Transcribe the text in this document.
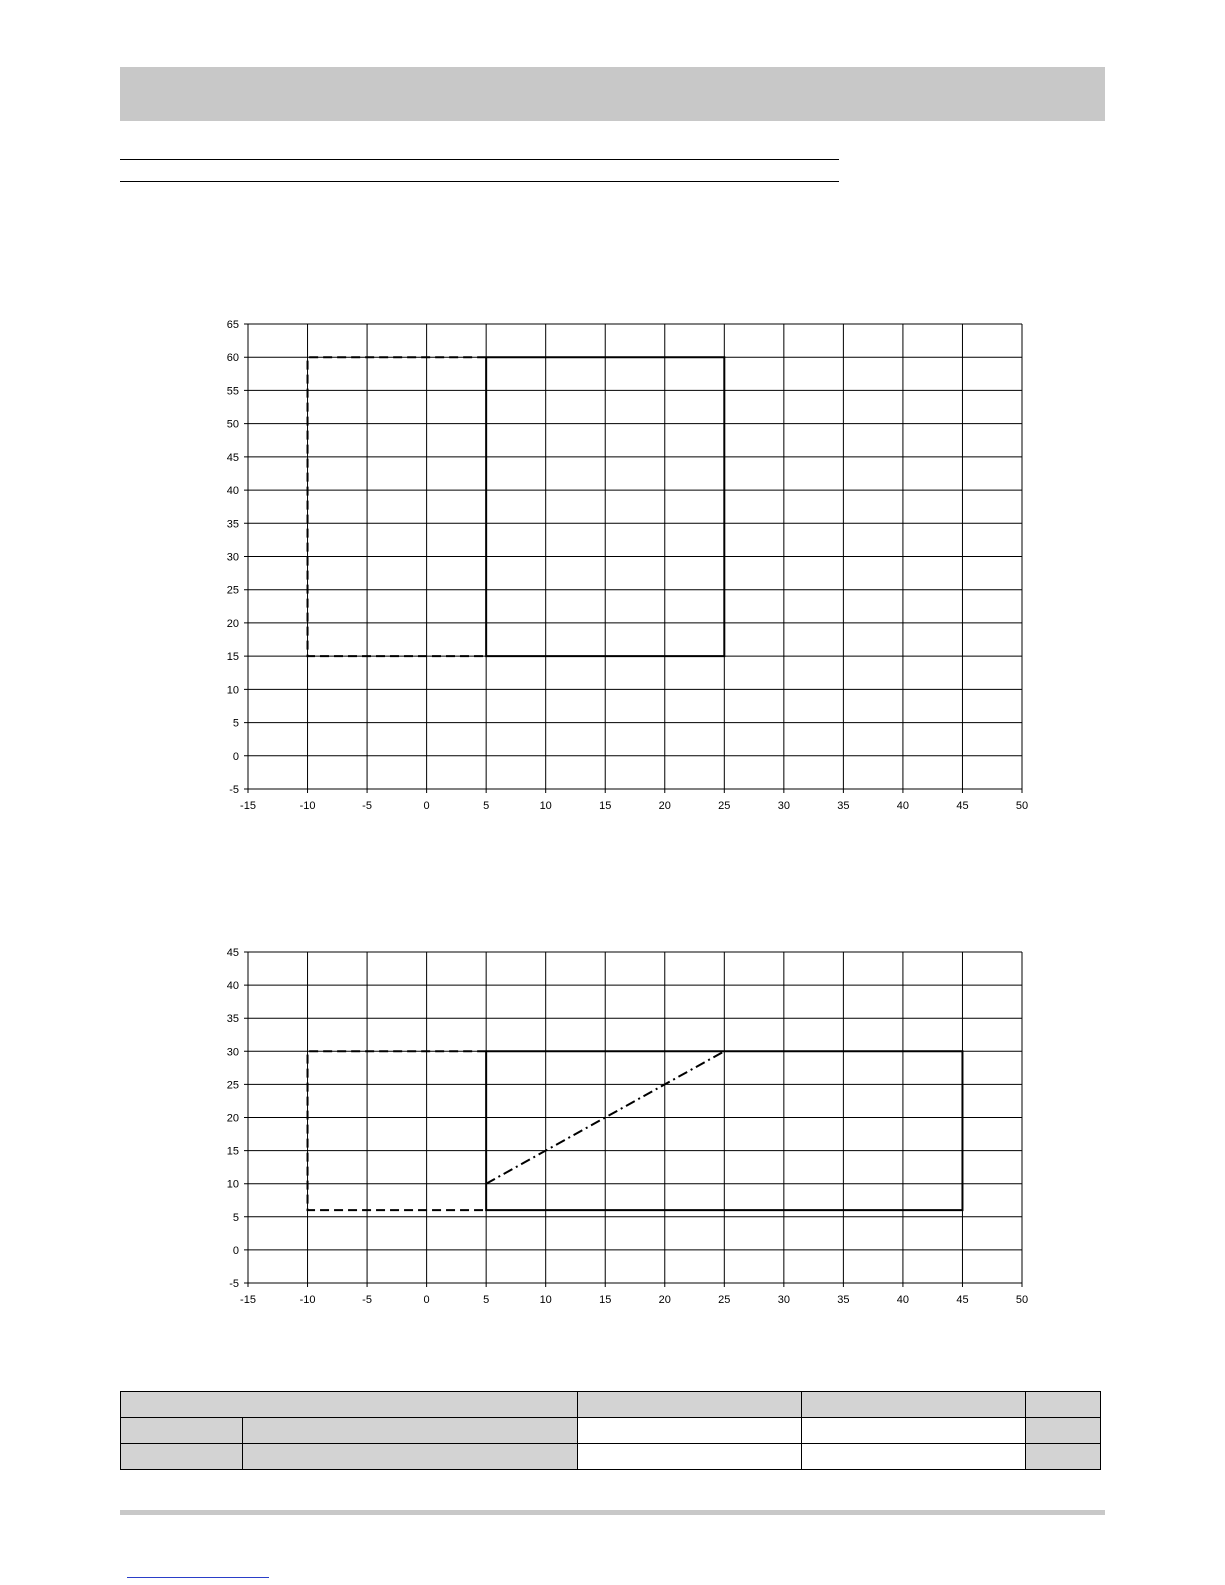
-15	-10	-5	0	5	10	15	20	25	30	35	40	45	50
-5
0
5
10
15
20
25
30
35
40
45
50
55
60
65
-15	-10	-5	0	5	10	15	20	25	30	35	40	45	50
-5
0
5
10
15
20
25
30
35
40
45
